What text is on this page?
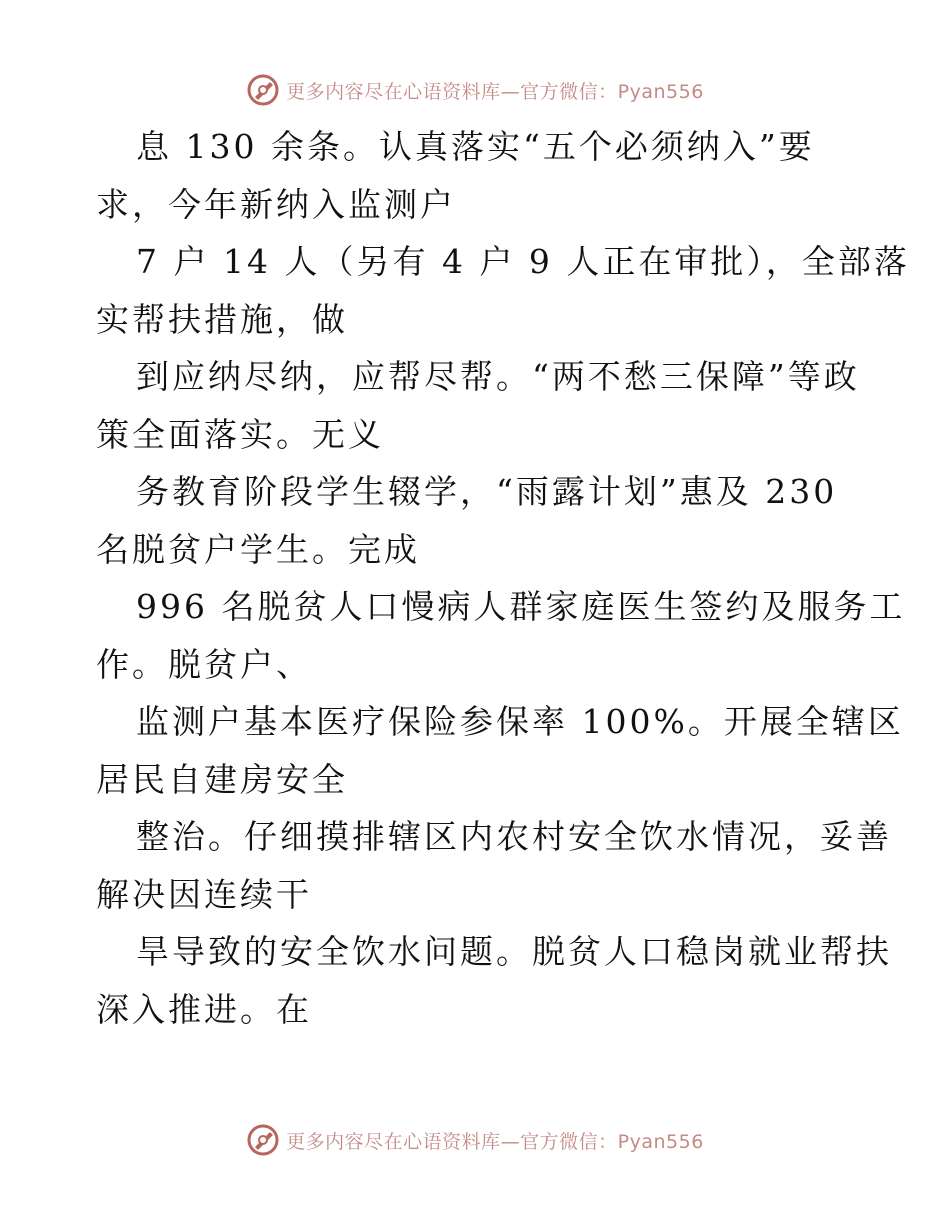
更多内容尽在心语资料库—官方微信：Pyan556
息 130 余条。认真落实“五个必须纳入”要
求，今年新纳入监测户
7 户 14 人（另有 4 户 9 人正在审批），全部落
实帮扶措施，做
到应纳尽纳，应帮尽帮。“两不愁三保障”等政
策全面落实。无义
务教育阶段学生辍学，“雨露计划”惠及 230
名脱贫户学生。完成
996 名脱贫人口慢病人群家庭医生签约及服务工
作。脱贫户、
监测户基本医疗保险参保率 100%。开展全辖区
居民自建房安全
整治。仔细摸排辖区内农村安全饮水情况，妥善
解决因连续干
旱导致的安全饮水问题。脱贫人口稳岗就业帮扶
深入推进。在
更多内容尽在心语资料库—官方微信：Pyan556
